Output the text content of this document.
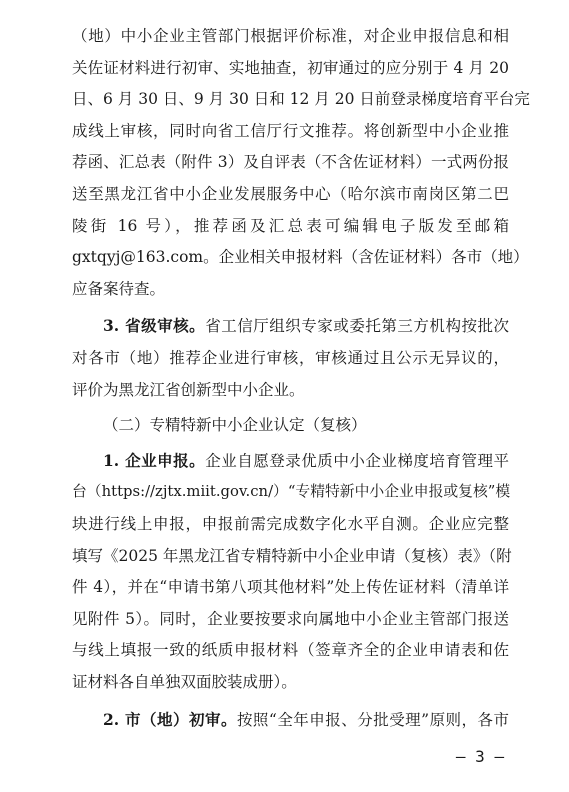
（地）中小企业主管部门根据评价标准，对企业申报信息和相
关佐证材料进行初审、实地抽查，初审通过的应分别于 4 月 20
日、6 月 30 日、9 月 30 日和 12 月 20 日前登录梯度培育平台完
成线上审核，同时向省工信厅行文推荐。将创新型中小企业推
荐函、汇总表（附件 3）及自评表（不含佐证材料）一式两份报
送至黑龙江省中小企业发展服务中心（哈尔滨市南岗区第二巴
陵街 16 号），推荐函及汇总表可编辑电子版发至邮箱
gxtqyj@163.com。企业相关申报材料（含佐证材料）各市（地）
应备案待查。
3. 省级审核。省工信厅组织专家或委托第三方机构按批次
对各市（地）推荐企业进行审核，审核通过且公示无异议的，
评价为黑龙江省创新型中小企业。
（二）专精特新中小企业认定（复核）
1. 企业申报。企业自愿登录优质中小企业梯度培育管理平
台（https://zjtx.miit.gov.cn/）“专精特新中小企业申报或复核”模
块进行线上申报，申报前需完成数字化水平自测。企业应完整
填写《2025 年黑龙江省专精特新中小企业申请（复核）表》（附
件 4），并在“申请书第八项其他材料”处上传佐证材料（清单详
见附件 5）。同时，企业要按要求向属地中小企业主管部门报送
与线上填报一致的纸质申报材料（签章齐全的企业申请表和佐
证材料各自单独双面胶装成册）。
2. 市（地）初审。按照“全年申报、分批受理”原则，各市
— 3 —
